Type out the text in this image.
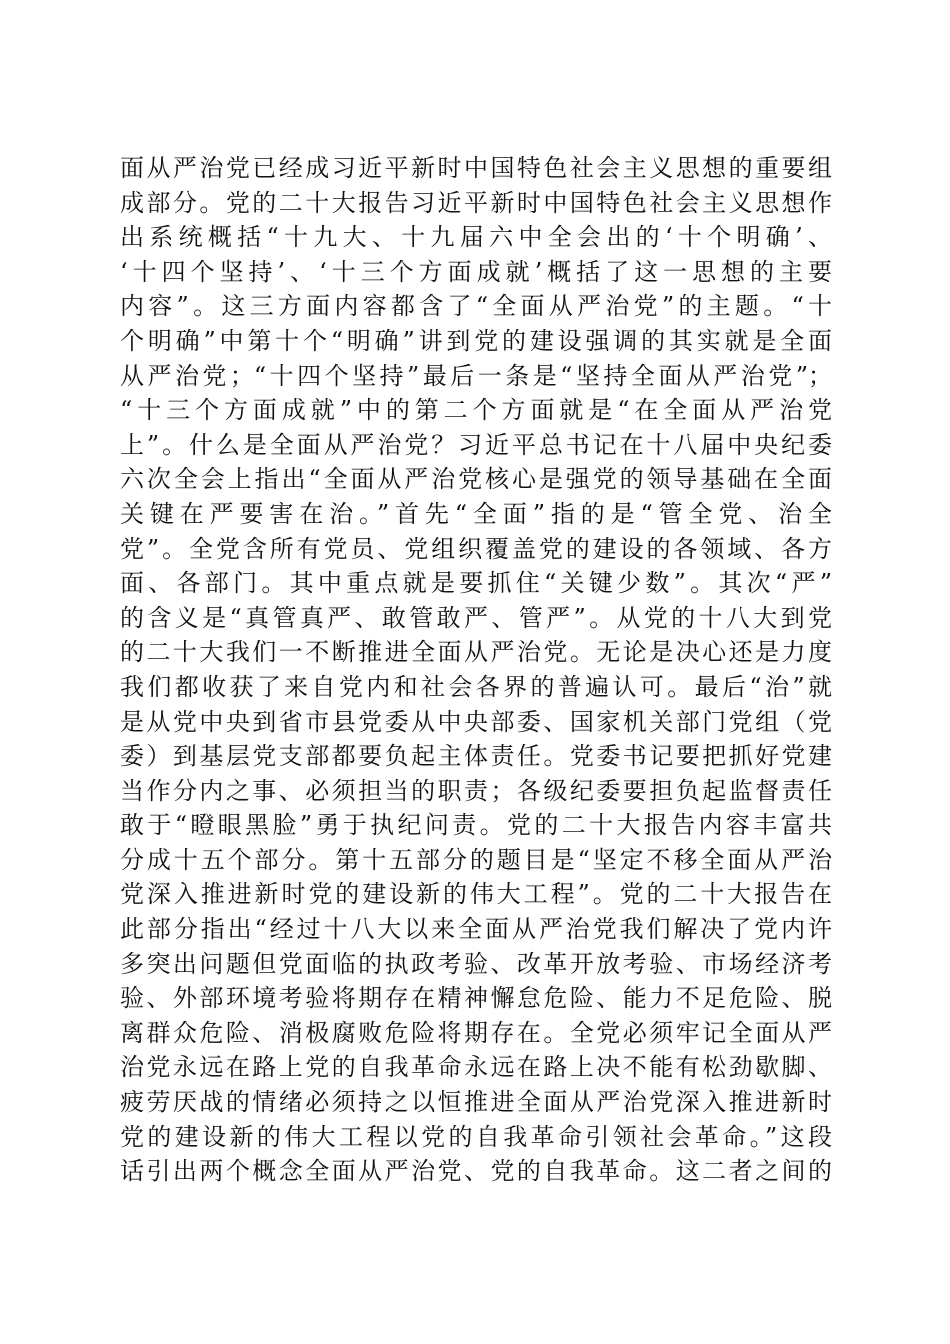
面从严治党已经成习近平新时中国特色社会主义思想的重要组
成部分。党的二十大报告习近平新时中国特色社会主义思想作
出系统概括“十九大、十九届六中全会出的‘十个明确’、
‘十四个坚持’、‘十三个方面成就’概括了这一思想的主要
内容”。这三方面内容都含了“全面从严治党”的主题。“十
个明确”中第十个“明确”讲到党的建设强调的其实就是全面
从严治党；“十四个坚持”最后一条是“坚持全面从严治党”；
“十三个方面成就”中的第二个方面就是“在全面从严治党
上”。什么是全面从严治党？习近平总书记在十八届中央纪委
六次全会上指出“全面从严治党核心是强党的领导基础在全面
关键在严要害在治。”首先“全面”指的是“管全党、治全
党”。全党含所有党员、党组织覆盖党的建设的各领域、各方
面、各部门。其中重点就是要抓住“关键少数”。其次“严”
的含义是“真管真严、敢管敢严、管严”。从党的十八大到党
的二十大我们一不断推进全面从严治党。无论是决心还是力度
我们都收获了来自党内和社会各界的普遍认可。最后“治”就
是从党中央到省市县党委从中央部委、国家机关部门党组（党
委）到基层党支部都要负起主体责任。党委书记要把抓好党建
当作分内之事、必须担当的职责；各级纪委要担负起监督责任
敢于“瞪眼黑脸”勇于执纪问责。党的二十大报告内容丰富共
分成十五个部分。第十五部分的题目是“坚定不移全面从严治
党深入推进新时党的建设新的伟大工程”。党的二十大报告在
此部分指出“经过十八大以来全面从严治党我们解决了党内许
多突出问题但党面临的执政考验、改革开放考验、市场经济考
验、外部环境考验将期存在精神懈怠危险、能力不足危险、脱
离群众危险、消极腐败危险将期存在。全党必须牢记全面从严
治党永远在路上党的自我革命永远在路上决不能有松劲歇脚、
疲劳厌战的情绪必须持之以恒推进全面从严治党深入推进新时
党的建设新的伟大工程以党的自我革命引领社会革命。”这段
话引出两个概念全面从严治党、党的自我革命。这二者之间的
